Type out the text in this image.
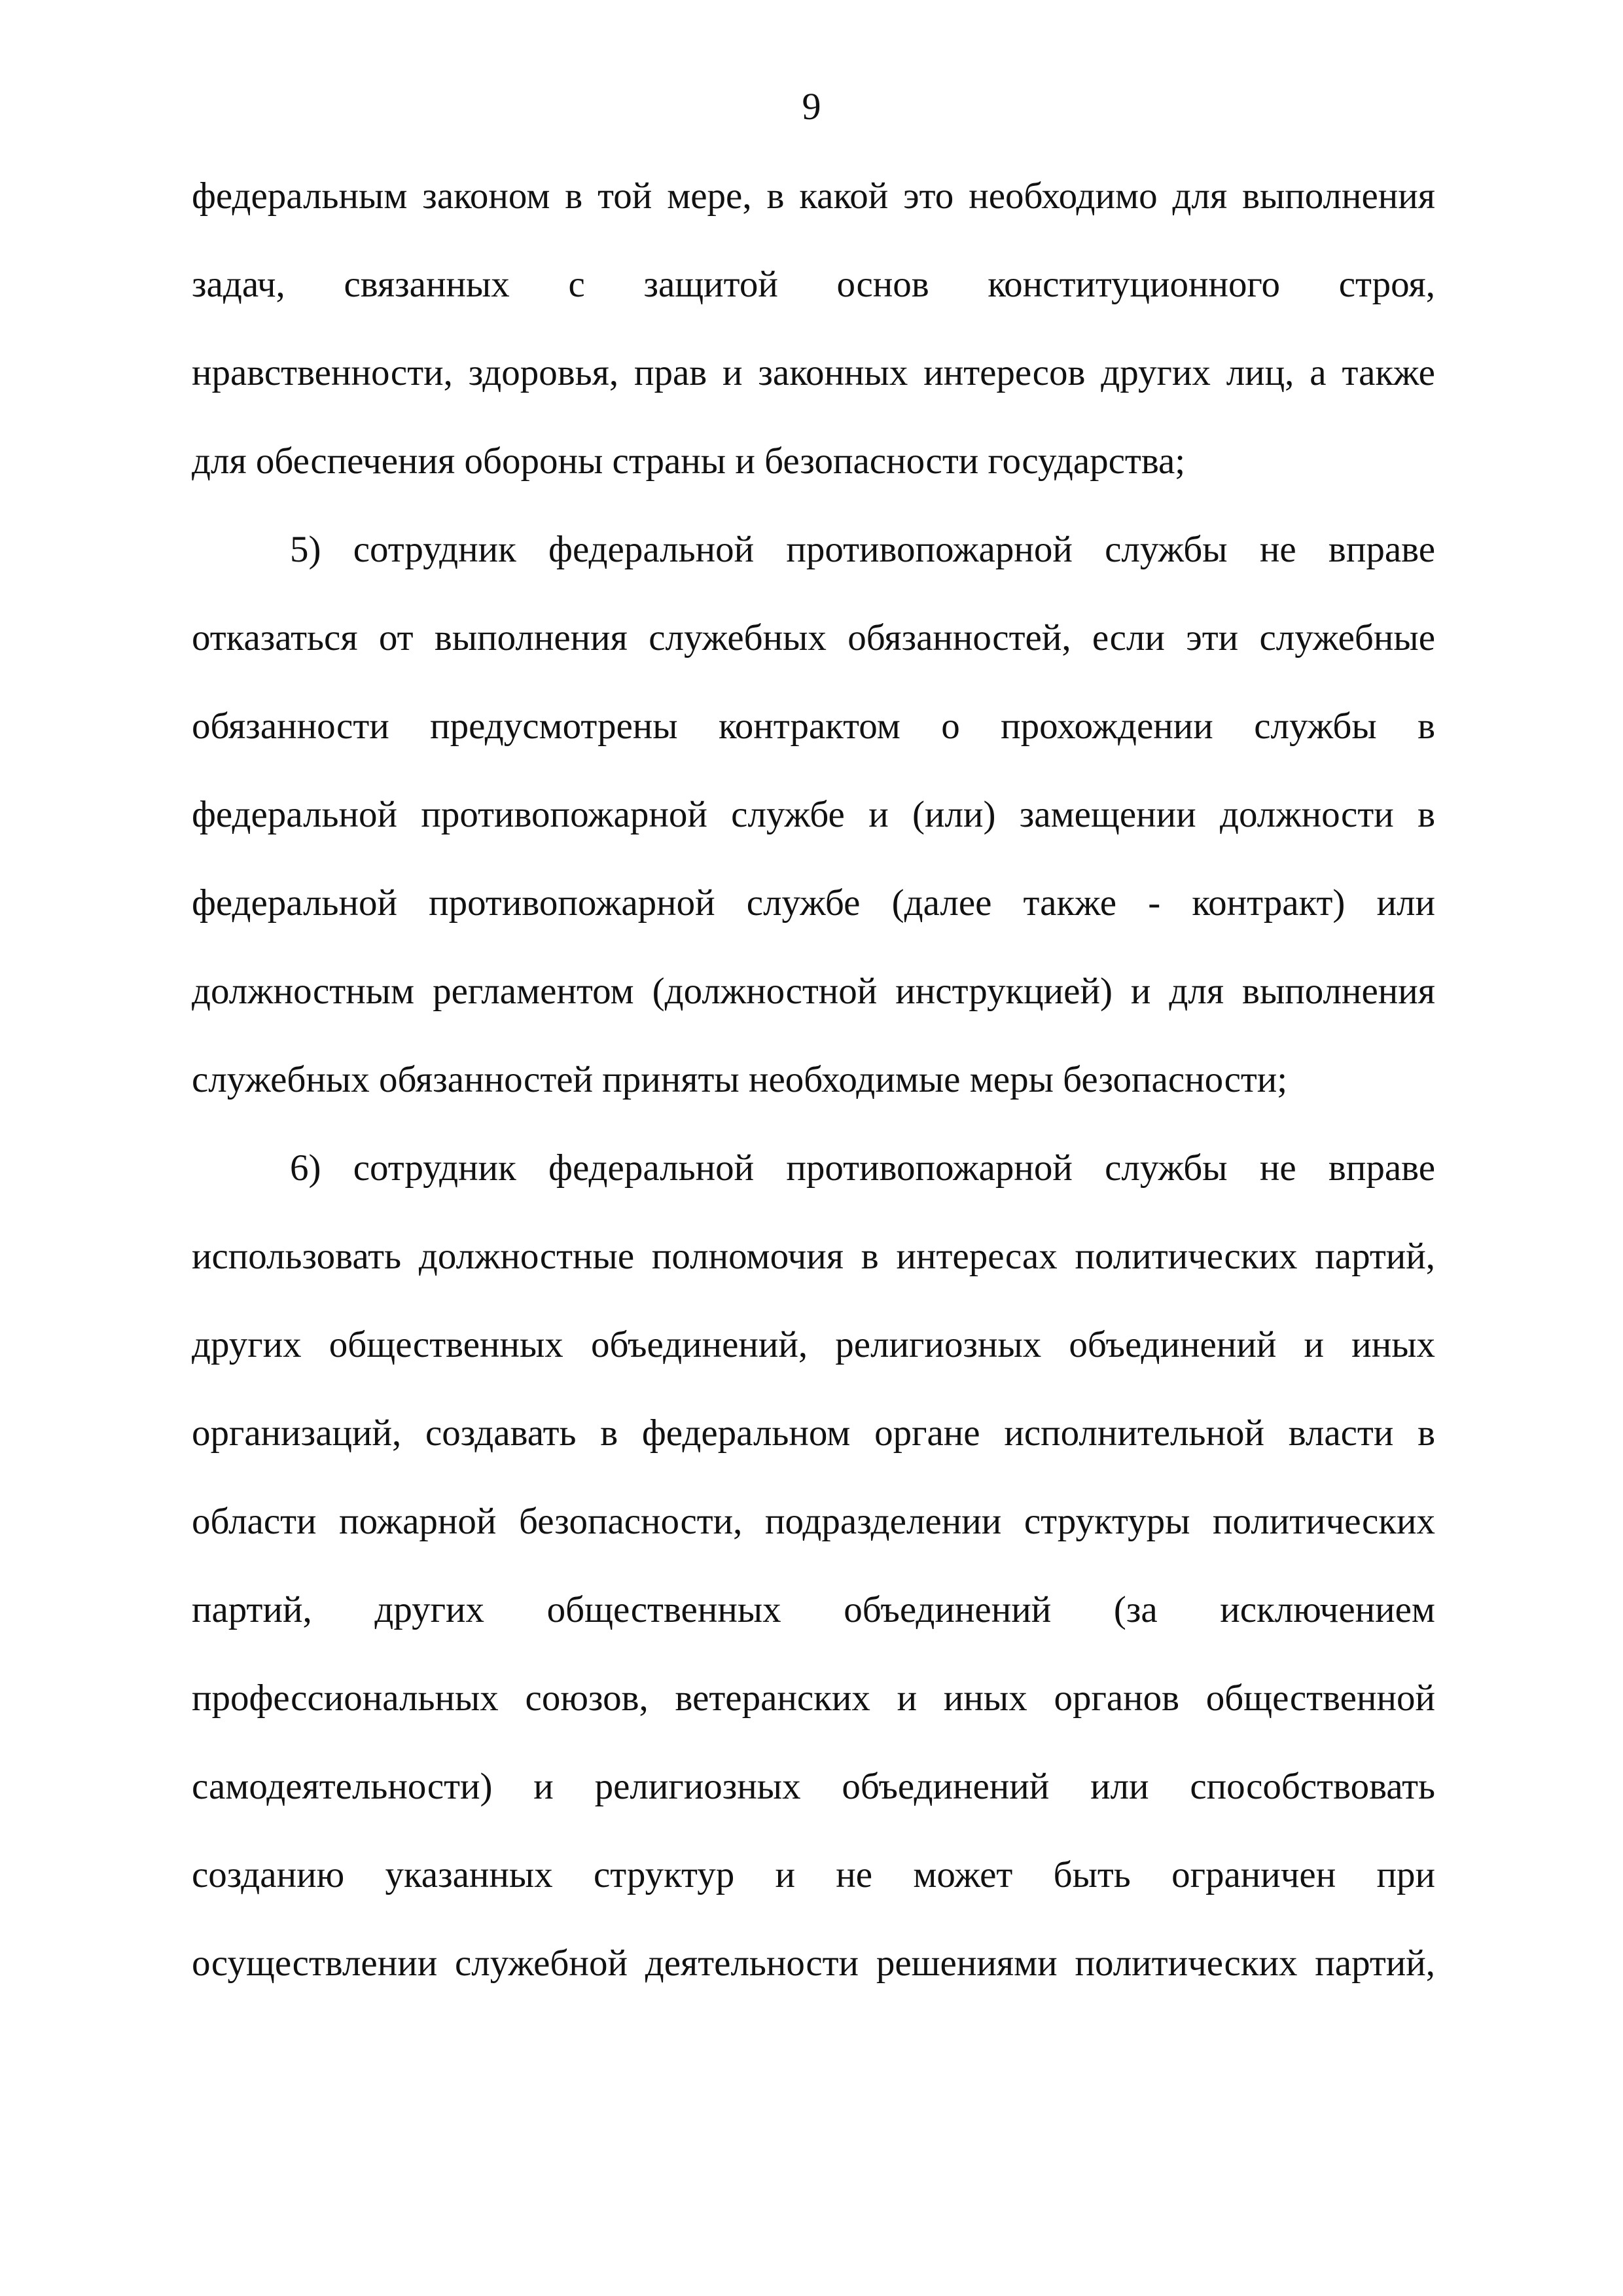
9
федеральным законом в той мере, в какой это необходимо для выполнения
задач, связанных с защитой основ конституционного строя,
нравственности, здоровья, прав и законных интересов других лиц, а также
для обеспечения обороны страны и безопасности государства;
5) сотрудник федеральной противопожарной службы не вправе
отказаться от выполнения служебных обязанностей, если эти служебные
обязанности предусмотрены контрактом о прохождении службы в
федеральной противопожарной службе и (или) замещении должности в
федеральной противопожарной службе (далее также - контракт) или
должностным регламентом (должностной инструкцией) и для выполнения
служебных обязанностей приняты необходимые меры безопасности;
6) сотрудник федеральной противопожарной службы не вправе
использовать должностные полномочия в интересах политических партий,
других общественных объединений, религиозных объединений и иных
организаций, создавать в федеральном органе исполнительной власти в
области пожарной безопасности, подразделении структуры политических
партий, других общественных объединений (за исключением
профессиональных союзов, ветеранских и иных органов общественной
самодеятельности) и религиозных объединений или способствовать
созданию указанных структур и не может быть ограничен при
осуществлении служебной деятельности решениями политических партий,
